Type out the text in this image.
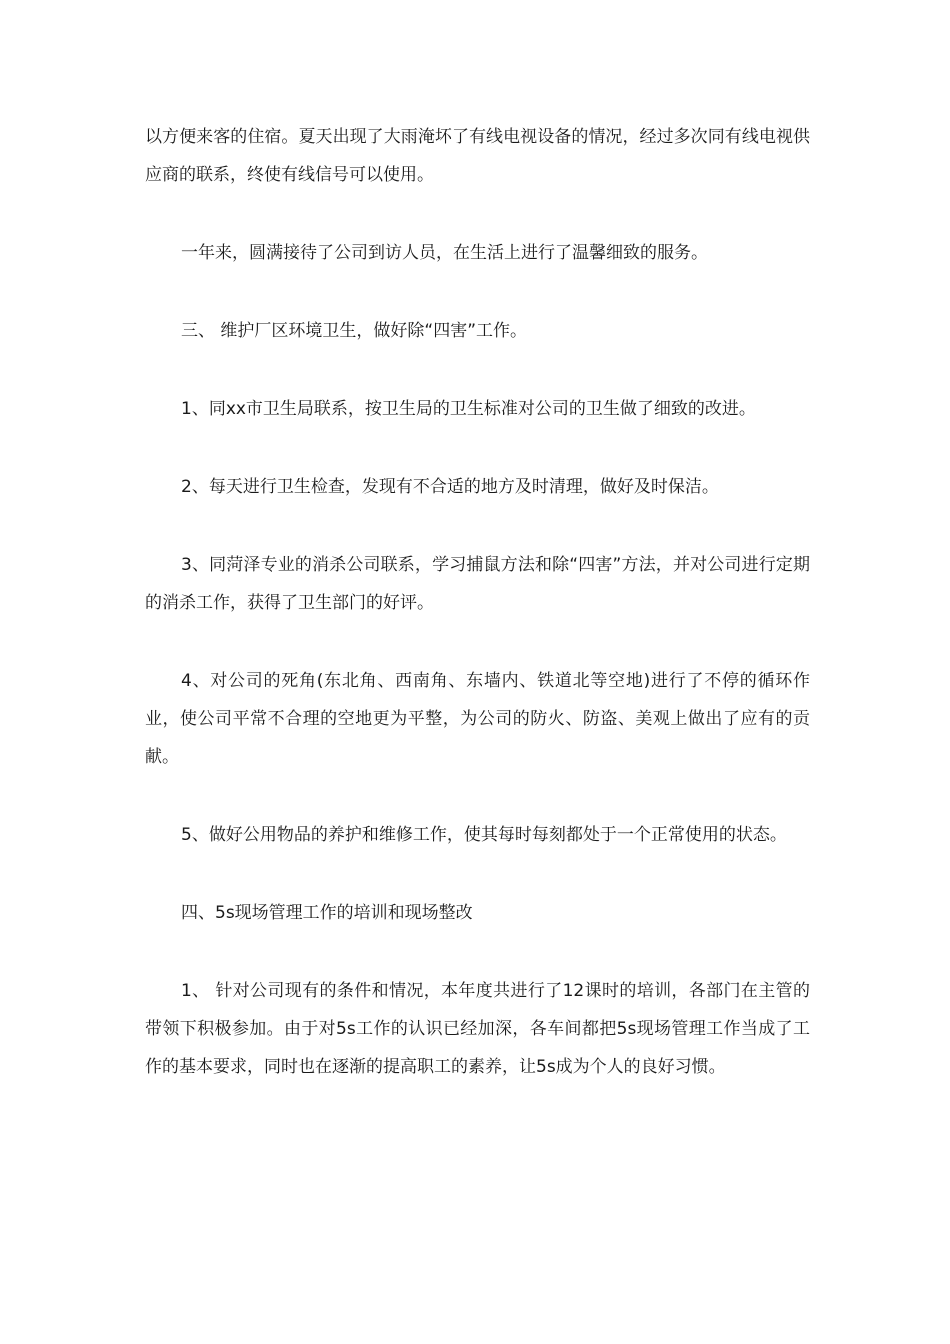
以方便来客的住宿。夏天出现了大雨淹坏了有线电视设备的情况，经过多次同有线电视供应商的联系，终使有线信号可以使用。

一年来，圆满接待了公司到访人员，在生活上进行了温馨细致的服务。

三、 维护厂区环境卫生，做好除“四害”工作。

1、同xx市卫生局联系，按卫生局的卫生标准对公司的卫生做了细致的改进。

2、每天进行卫生检查，发现有不合适的地方及时清理，做好及时保洁。

3、同菏泽专业的消杀公司联系，学习捕鼠方法和除“四害”方法，并对公司进行定期的消杀工作，获得了卫生部门的好评。

4、对公司的死角(东北角、西南角、东墙内、铁道北等空地)进行了不停的循环作业，使公司平常不合理的空地更为平整，为公司的防火、防盗、美观上做出了应有的贡献。

5、做好公用物品的养护和维修工作，使其每时每刻都处于一个正常使用的状态。

四、5s现场管理工作的培训和现场整改

1、 针对公司现有的条件和情况，本年度共进行了12课时的培训，各部门在主管的带领下积极参加。由于对5s工作的认识已经加深，各车间都把5s现场管理工作当成了工作的基本要求，同时也在逐渐的提高职工的素养，让5s成为个人的良好习惯。
